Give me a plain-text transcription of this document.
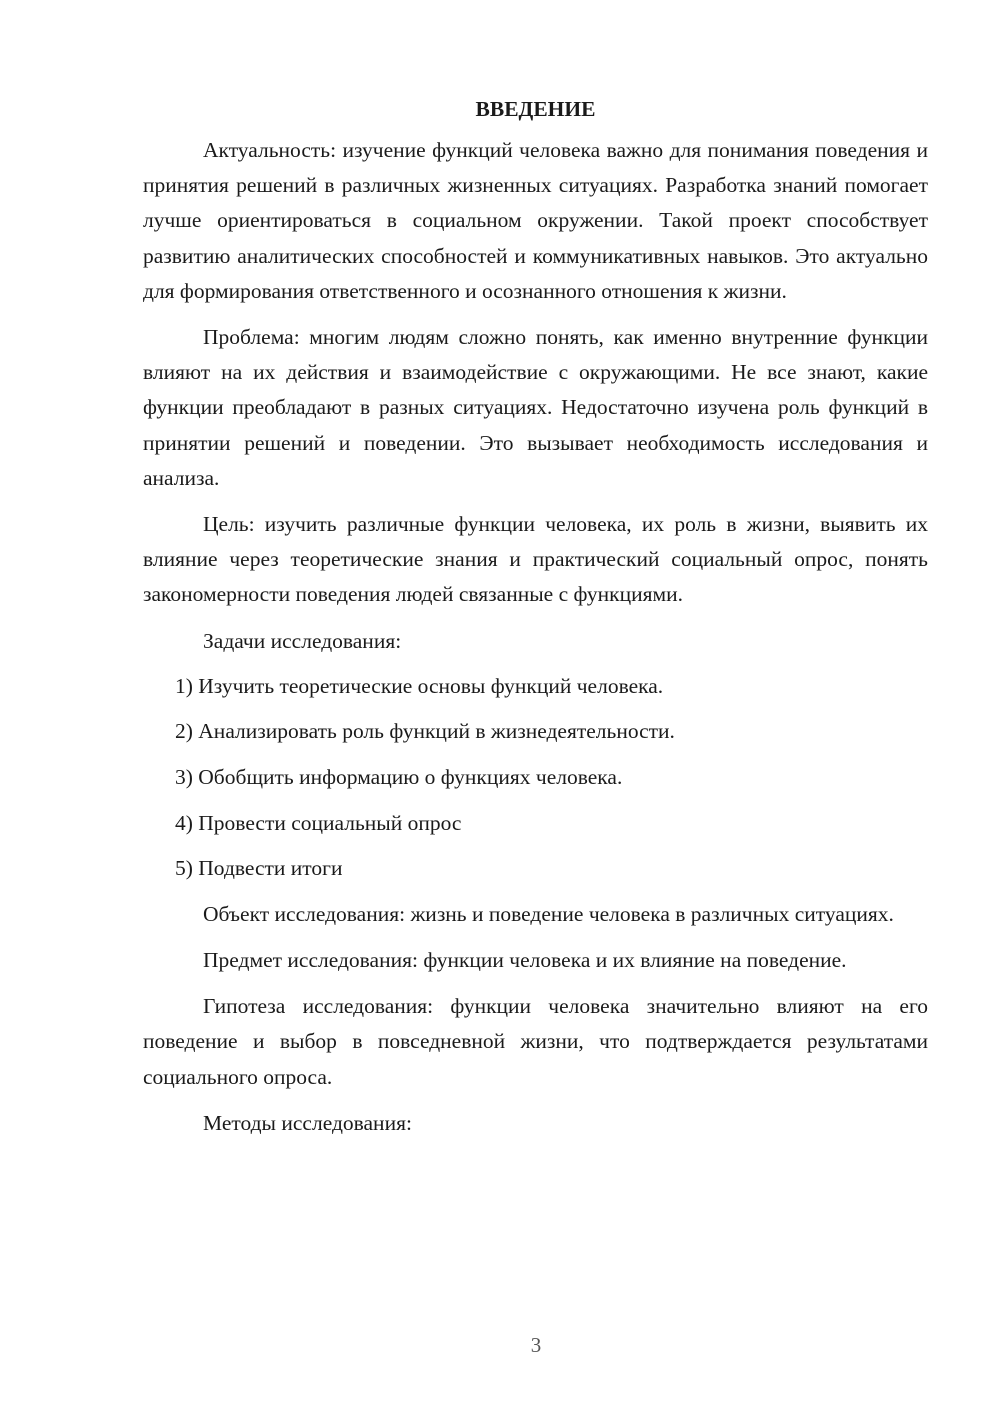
ВВЕДЕНИЕ

Актуальность: изучение функций человека важно для понимания поведения и принятия решений в различных жизненных ситуациях. Разработка знаний помогает лучше ориентироваться в социальном окружении. Такой проект способствует развитию аналитических способностей и коммуникативных навыков. Это актуально для формирования ответственного и осознанного отношения к жизни.

Проблема: многим людям сложно понять, как именно внутренние функции влияют на их действия и взаимодействие с окружающими. Не все знают, какие функции преобладают в разных ситуациях. Недостаточно изучена роль функций в принятии решений и поведении. Это вызывает необходимость исследования и анализа.

Цель: изучить различные функции человека, их роль в жизни, выявить их влияние через теоретические знания и практический социальный опрос, понять закономерности поведения людей связанные с функциями.

Задачи исследования:

1) Изучить теоретические основы функций человека.
2) Анализировать роль функций в жизнедеятельности.
3) Обобщить информацию о функциях человека.
4) Провести социальный опрос
5) Подвести итоги

Объект исследования: жизнь и поведение человека в различных ситуациях.

Предмет исследования: функции человека и их влияние на поведение.

Гипотеза исследования: функции человека значительно влияют на его поведение и выбор в повседневной жизни, что подтверждается результатами социального опроса.

Методы исследования:

3
